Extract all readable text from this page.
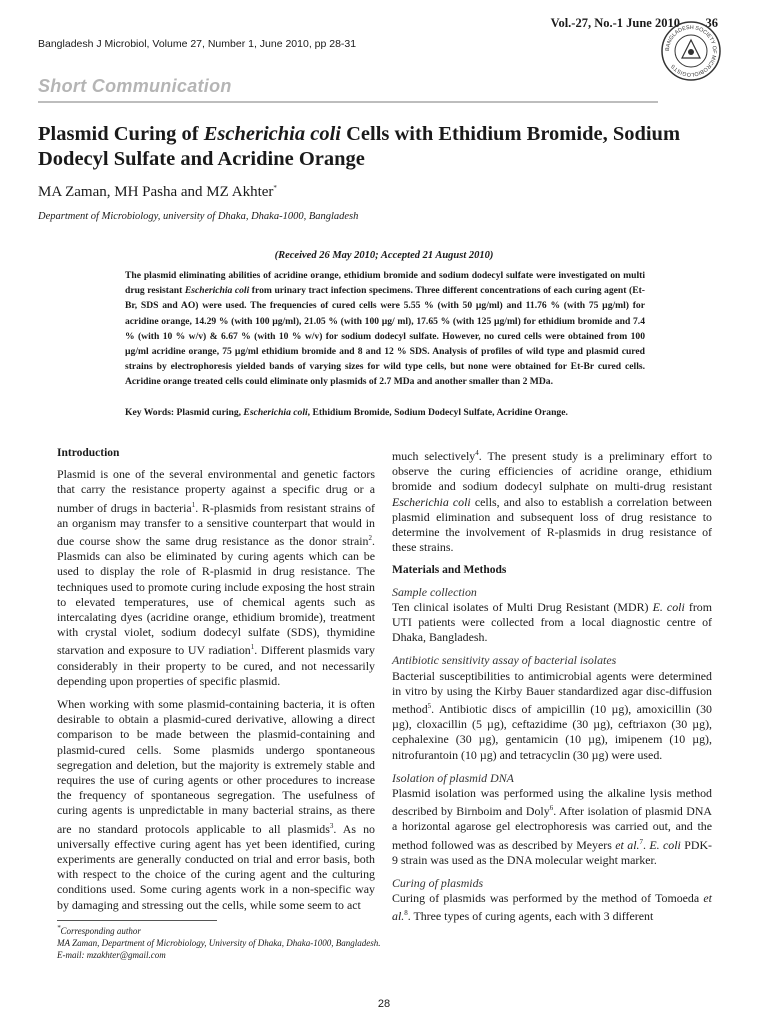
Vol.-27, No.-1 June 2010 36
Bangladesh J Microbiol, Volume 27, Number 1, June 2010, pp 28-31
Short Communication
BANGLADESH SOCIETY OF MICROBIOLOGISTS
Plasmid Curing of Escherichia coli Cells with Ethidium Bromide, Sodium Dodecyl Sulfate and Acridine Orange
MA Zaman, MH Pasha and MZ Akhter*
Department of Microbiology, university of Dhaka, Dhaka-1000, Bangladesh
(Received 26 May 2010; Accepted 21 August 2010)
The plasmid eliminating abilities of acridine orange, ethidium bromide and sodium dodecyl sulfate were investigated on multi drug resistant Escherichia coli from urinary tract infection specimens. Three different concentrations of each curing agent (Et-Br, SDS and AO) were used. The frequencies of cured cells were 5.55 % (with 50 µg/ml) and 11.76 % (with 75 µg/ml) for acridine orange, 14.29 % (with 100 µg/ml), 21.05 % (with 100 µg/ ml), 17.65 % (with 125 µg/ml) for ethidium bromide and 7.4 % (with 10 % w/v) & 6.67 % (with 10 % w/v) for sodium dodecyl sulfate. However, no cured cells were obtained from 100 µg/ml acridine orange, 75 µg/ml ethidium bromide and 8 and 12 % SDS. Analysis of profiles of wild type and plasmid cured strains by electrophoresis yielded bands of varying sizes for wild type cells, but none were obtained for Et-Br cured cells. Acridine orange treated cells could eliminate only plasmids of 2.7 MDa and another smaller than 2 MDa.
Key Words: Plasmid curing, Escherichia coli, Ethidium Bromide, Sodium Dodecyl Sulfate, Acridine Orange.
Introduction

Plasmid is one of the several environmental and genetic factors that carry the resistance property against a specific drug or a number of drugs in bacteria$^1$. R-plasmids from resistant strains of an organism may transfer to a sensitive counterpart that would in due course show the same drug resistance as the donor strain$^2$. Plasmids can also be eliminated by curing agents which can be used to display the role of R-plasmid in drug resistance. The techniques used to promote curing include exposing the host strain to elevated temperatures, use of chemical agents such as intercalating dyes (acridine orange, ethidium bromide), treatment with crystal violet, sodium dodecyl sulfate (SDS), thymidine starvation and exposure to UV radiation$^1$. Different plasmids vary considerably in their property to be cured, and not necessarily depending upon properties of specific plasmid.

When working with some plasmid-containing bacteria, it is often desirable to obtain a plasmid-cured derivative, allowing a direct comparison to be made between the plasmid-containing and plasmid-cured cells. Some plasmids undergo spontaneous segregation and deletion, but the majority is extremely stable and requires the use of curing agents or other procedures to increase the frequency of spontaneous segregation. The usefulness of curing agents is unpredictable in many bacterial strains, as there are no standard protocols applicable to all plasmids$^3$. As no universally effective curing agent has yet been identified, curing experiments are generally conducted on trial and error basis, both with respect to the choice of the curing agent and the culturing conditions used. Some curing agents work in a non-specific way by damaging and stressing out the cells, while some seem to act

much selectively$^4$. The present study is a preliminary effort to observe the curing efficiencies of acridine orange, ethidium bromide and sodium dodecyl sulphate on multi-drug resistant Escherichia coli cells, and also to establish a correlation between plasmid elimination and subsequent loss of drug resistance to determine the involvement of R-plasmids in drug resistance of these strains.

Materials and Methods
Sample collection

Ten clinical isolates of Multi Drug Resistant (MDR) E. coli from UTI patients were collected from a local diagnostic centre of Dhaka, Bangladesh.

Antibiotic sensitivity assay of bacterial isolates

Bacterial susceptibilities to antimicrobial agents were determined in vitro by using the Kirby Bauer standardized agar disc-diffusion method$^5$. Antibiotic discs of ampicillin (10 µg), amoxicillin (30 µg), cloxacillin (5 µg), ceftazidime (30 µg), ceftriaxon (30 µg), cephalexine (30 µg), gentamicin (10 µg), imipenem (10 µg), nitrofurantoin (10 µg) and tetracyclin (30 µg) were used.

Isolation of plasmid DNA

Plasmid isolation was performed using the alkaline lysis method described by Birnboim and Doly$^6$. After isolation of plasmid DNA a horizontal agarose gel electrophoresis was carried out, and the method followed was as described by Meyers et al.$^7$. E. coli PDK-9 strain was used as the DNA molecular weight marker.

Curing of plasmids

Curing of plasmids was performed by the method of Tomoeda et al.$^8$. Three types of curing agents, each with 3 different

*Corresponding author
MA Zaman, Department of Microbiology, University of Dhaka, Dhaka-1000, Bangladesh.
E-mail: mzakhter@gmail.com
28
